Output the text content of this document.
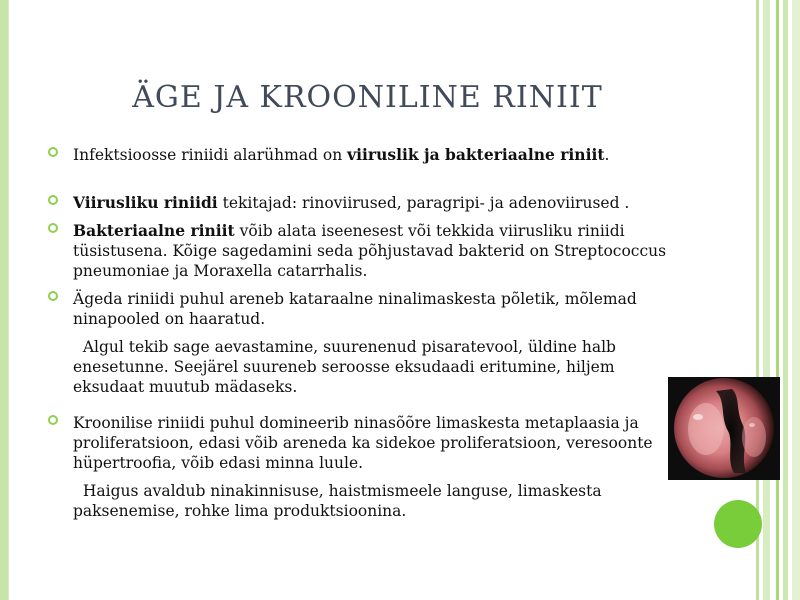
ÄGE JA KROONILINE RINIIT

Infektsioosse riniidi alarühmad on viiruslik ja bakteriaalne riniit.

Viirusliku riniidi tekitajad: rinoviirused, paragripi- ja adenoviirused .

Bakteriaalne riniit võib alata iseenesest või tekkida viirusliku riniidi tüsistusena. Kõige sagedamini seda põhjustavad bakterid on Streptococcus pneumoniae ja Moraxella catarrhalis.

Ägeda riniidi puhul areneb kataraalne ninalimaskesta põletik, mõlemad ninapooled on haaratud.

Algul tekib sage aevastamine, suurenenud pisaratevool, üldine halb enesetunne. Seejärel suureneb seroosse eksudaadi eritumine, hiljem eksudaat muutub mädaseks.

Kroonilise riniidi puhul domineerib ninasõõre limaskesta metaplaasia ja proliferatsioon, edasi võib areneda ka sidekoe proliferatsioon, veresoonte hüpertroofia, võib edasi minna luule.

Haigus avaldub ninakinnisuse, haistmismeele languse, limaskesta paksenemise, rohke lima produktsioonina.
